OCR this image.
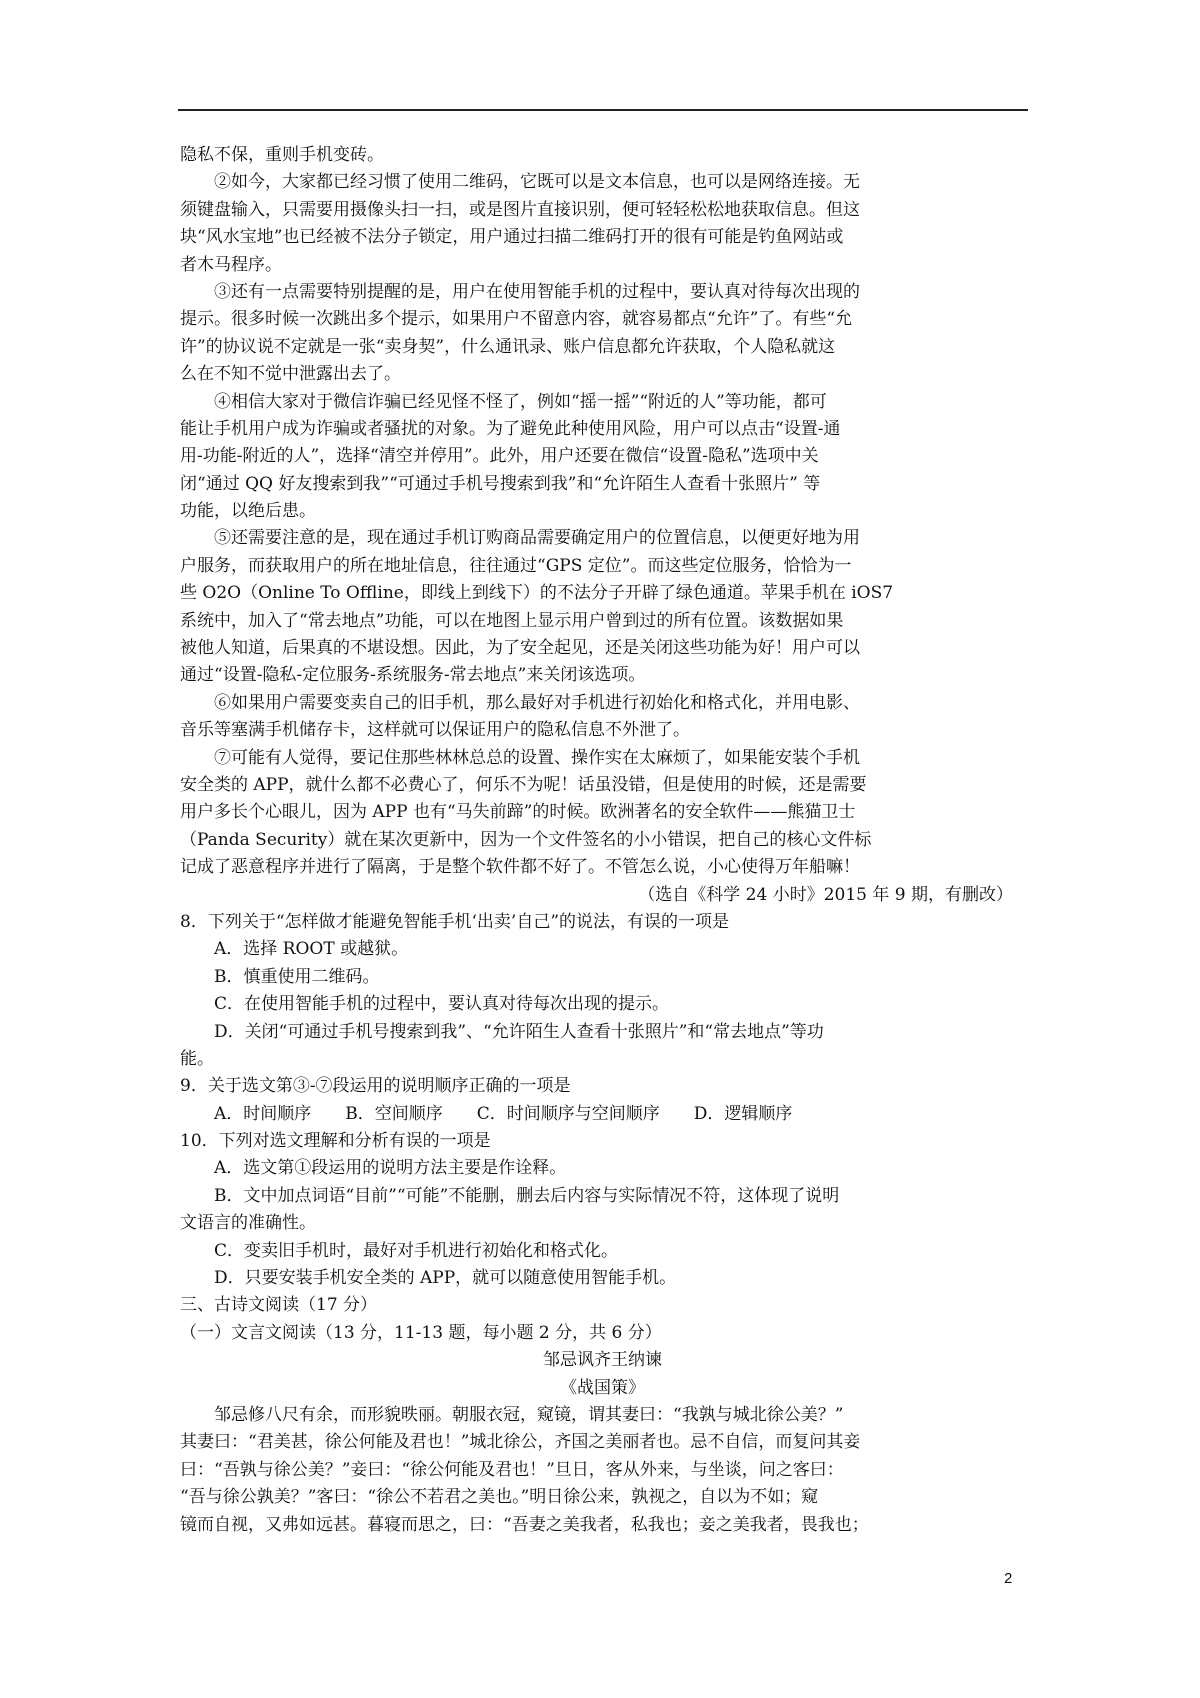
隐私不保，重则手机变砖。
②如今，大家都已经习惯了使用二维码，它既可以是文本信息，也可以是网络连接。无
须键盘输入，只需要用摄像头扫一扫，或是图片直接识别，便可轻轻松松地获取信息。但这
块“风水宝地”也已经被不法分子锁定，用户通过扫描二维码打开的很有可能是钓鱼网站或
者木马程序。
③还有一点需要特别提醒的是，用户在使用智能手机的过程中，要认真对待每次出现的
提示。很多时候一次跳出多个提示，如果用户不留意内容，就容易都点“允许”了。有些“允
许”的协议说不定就是一张“卖身契”，什么通讯录、账户信息都允许获取，个人隐私就这
么在不知不觉中泄露出去了。
④相信大家对于微信诈骗已经见怪不怪了，例如“摇一摇”“附近的人”等功能，都可
能让手机用户成为诈骗或者骚扰的对象。为了避免此种使用风险，用户可以点击“设置-通
用-功能-附近的人”，选择“清空并停用”。此外，用户还要在微信“设置-隐私”选项中关
闭“通过 QQ 好友搜索到我”“可通过手机号搜索到我”和“允许陌生人查看十张照片” 等
功能，以绝后患。
⑤还需要注意的是，现在通过手机订购商品需要确定用户的位置信息，以便更好地为用
户服务，而获取用户的所在地址信息，往往通过“GPS 定位”。而这些定位服务，恰恰为一
些 O2O（Online To Offline，即线上到线下）的不法分子开辟了绿色通道。苹果手机在 iOS7
系统中，加入了“常去地点”功能，可以在地图上显示用户曾到过的所有位置。该数据如果
被他人知道，后果真的不堪设想。因此，为了安全起见，还是关闭这些功能为好！用户可以
通过“设置-隐私-定位服务-系统服务-常去地点”来关闭该选项。
⑥如果用户需要变卖自己的旧手机，那么最好对手机进行初始化和格式化，并用电影、
音乐等塞满手机储存卡，这样就可以保证用户的隐私信息不外泄了。
⑦可能有人觉得，要记住那些林林总总的设置、操作实在太麻烦了，如果能安装个手机
安全类的 APP，就什么都不必费心了，何乐不为呢！话虽没错，但是使用的时候，还是需要
用户多长个心眼儿，因为 APP 也有“马失前蹄”的时候。欧洲著名的安全软件——熊猫卫士
（Panda Security）就在某次更新中，因为一个文件签名的小小错误，把自己的核心文件标
记成了恶意程序并进行了隔离，于是整个软件都不好了。不管怎么说，小心使得万年船嘛！
（选自《科学 24 小时》2015 年 9 期，有删改）
8．下列关于“怎样做才能避免智能手机‘出卖’自己”的说法，有误的一项是
A．选择 ROOT 或越狱。
B．慎重使用二维码。
C．在使用智能手机的过程中，要认真对待每次出现的提示。
D．关闭“可通过手机号搜索到我”、“允许陌生人查看十张照片”和“常去地点”等功
能。
9．关于选文第③-⑦段运用的说明顺序正确的一项是
A．时间顺序　　B．空间顺序　　C．时间顺序与空间顺序　　D．逻辑顺序
10．下列对选文理解和分析有误的一项是
A．选文第①段运用的说明方法主要是作诠释。
B．文中加点词语“目前”“可能”不能删，删去后内容与实际情况不符，这体现了说明
文语言的准确性。
C．变卖旧手机时，最好对手机进行初始化和格式化。
D．只要安装手机安全类的 APP，就可以随意使用智能手机。
三、古诗文阅读（17 分）
（一）文言文阅读（13 分，11-13 题，每小题 2 分，共 6 分）
邹忌讽齐王纳谏
《战国策》
邹忌修八尺有余，而形貌昳丽。朝服衣冠，窥镜，谓其妻曰：“我孰与城北徐公美？”
其妻曰：“君美甚，徐公何能及君也！”城北徐公，齐国之美丽者也。忌不自信，而复问其妾
曰：“吾孰与徐公美？”妾曰：“徐公何能及君也！”旦日，客从外来，与坐谈，问之客曰：
“吾与徐公孰美？”客曰：“徐公不若君之美也。”明日徐公来，孰视之，自以为不如；窥
镜而自视，又弗如远甚。暮寝而思之，曰：“吾妻之美我者，私我也；妾之美我者，畏我也；
2
